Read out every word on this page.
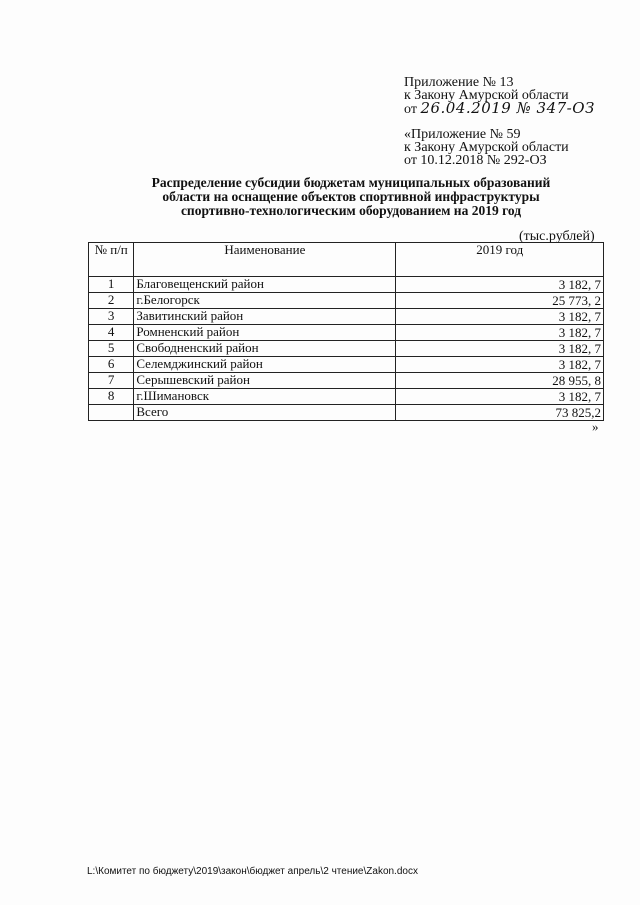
Приложение № 13
к Закону Амурской области
от 26.04.2019 № 347-ОЗ
«Приложение № 59
к Закону Амурской области
от 10.12.2018 № 292-ОЗ
Распределение субсидии бюджетам муниципальных образований
области на оснащение объектов спортивной инфраструктуры
спортивно-технологическим оборудованием на 2019 год
(тыс.рублей)
№ п/п	Наименование	2019 год
1	Благовещенский район	3 182, 7
2	г.Белогорск	25 773, 2
3	Завитинский район	3 182, 7
4	Ромненский район	3 182, 7
5	Свободненский район	3 182, 7
6	Селемджинский район	3 182, 7
7	Серышевский район	28 955, 8
8	г.Шимановск	3 182, 7
	Всего	73 825,2
»
L:\Комитет по бюджету\2019\закон\бюджет апрель\2 чтение\Zakon.docx
